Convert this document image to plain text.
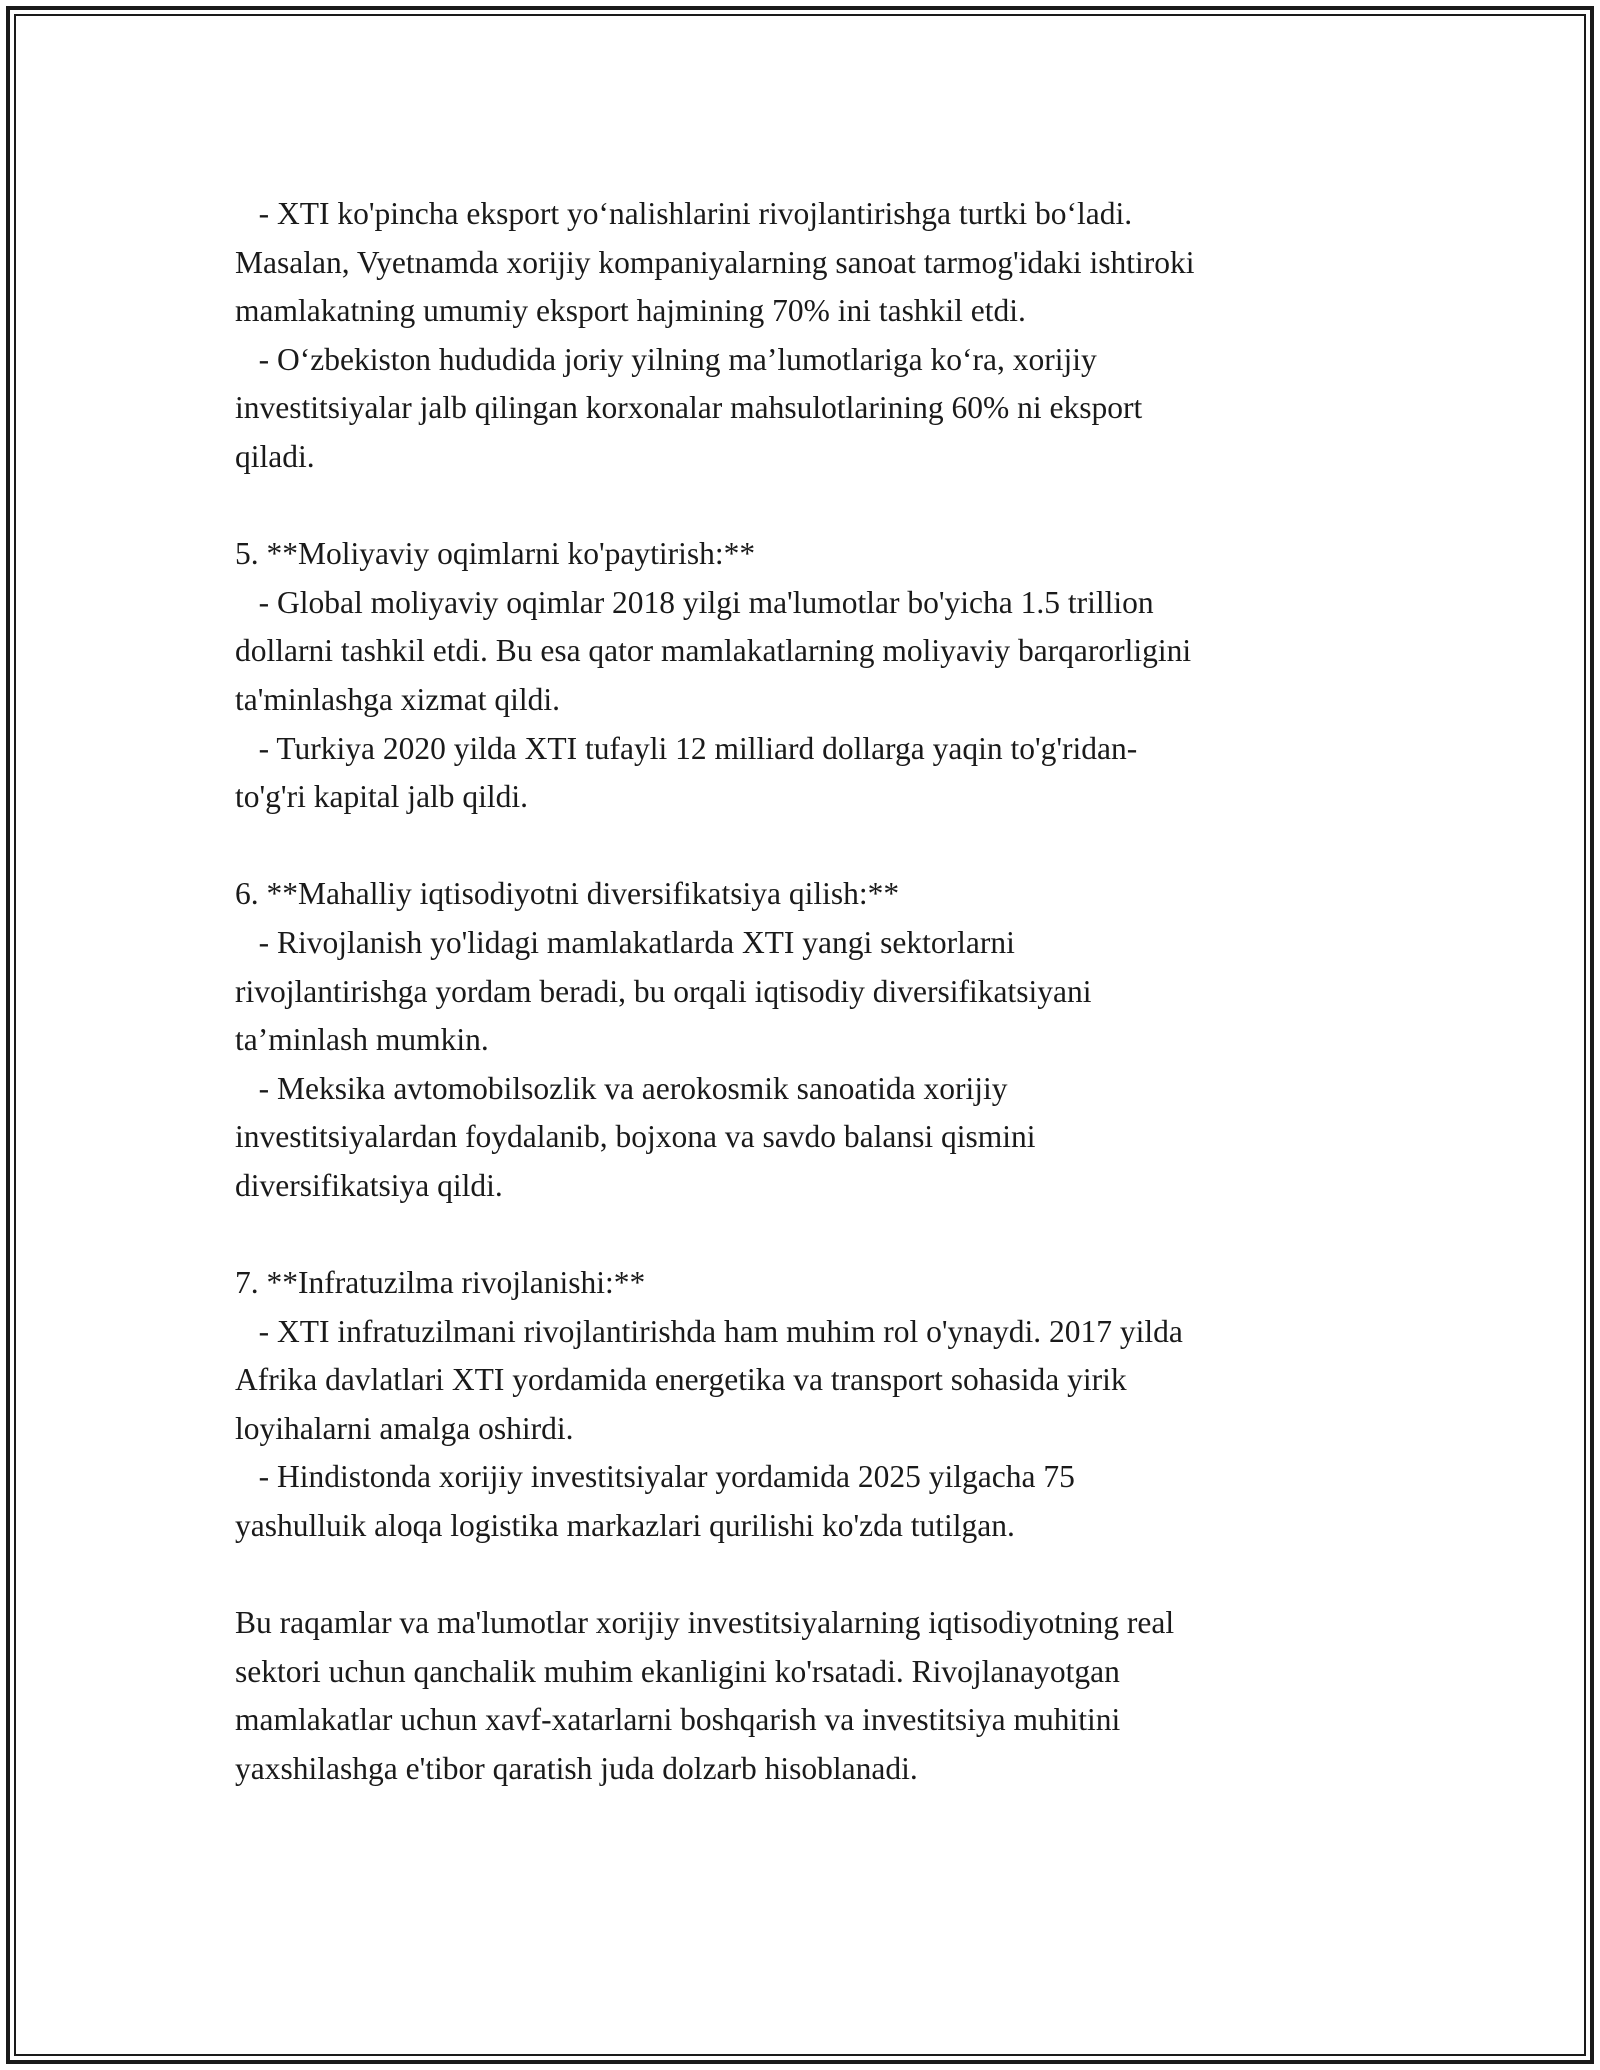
- XTI ko'pincha eksport yo‘nalishlarini rivojlantirishga turtki bo‘ladi.
Masalan, Vyetnamda xorijiy kompaniyalarning sanoat tarmog'idaki ishtiroki
mamlakatning umumiy eksport hajmining 70% ini tashkil etdi.
- O‘zbekiston hududida joriy yilning ma’lumotlariga ko‘ra, xorijiy
investitsiyalar jalb qilingan korxonalar mahsulotlarining 60% ni eksport
qiladi.
5. **Moliyaviy oqimlarni ko'paytirish:**
- Global moliyaviy oqimlar 2018 yilgi ma'lumotlar bo'yicha 1.5 trillion
dollarni tashkil etdi. Bu esa qator mamlakatlarning moliyaviy barqarorligini
ta'minlashga xizmat qildi.
- Turkiya 2020 yilda XTI tufayli 12 milliard dollarga yaqin to'g'ridan-
to'g'ri kapital jalb qildi.
6. **Mahalliy iqtisodiyotni diversifikatsiya qilish:**
- Rivojlanish yo'lidagi mamlakatlarda XTI yangi sektorlarni
rivojlantirishga yordam beradi, bu orqali iqtisodiy diversifikatsiyani
ta’minlash mumkin.
- Meksika avtomobilsozlik va aerokosmik sanoatida xorijiy
investitsiyalardan foydalanib, bojxona va savdo balansi qismini
diversifikatsiya qildi.
7. **Infratuzilma rivojlanishi:**
- XTI infratuzilmani rivojlantirishda ham muhim rol o'ynaydi. 2017 yilda
Afrika davlatlari XTI yordamida energetika va transport sohasida yirik
loyihalarni amalga oshirdi.
- Hindistonda xorijiy investitsiyalar yordamida 2025 yilgacha 75
yashulluik aloqa logistika markazlari qurilishi ko'zda tutilgan.
Bu raqamlar va ma'lumotlar xorijiy investitsiyalarning iqtisodiyotning real
sektori uchun qanchalik muhim ekanligini ko'rsatadi. Rivojlanayotgan
mamlakatlar uchun xavf-xatarlarni boshqarish va investitsiya muhitini
yaxshilashga e'tibor qaratish juda dolzarb hisoblanadi.
